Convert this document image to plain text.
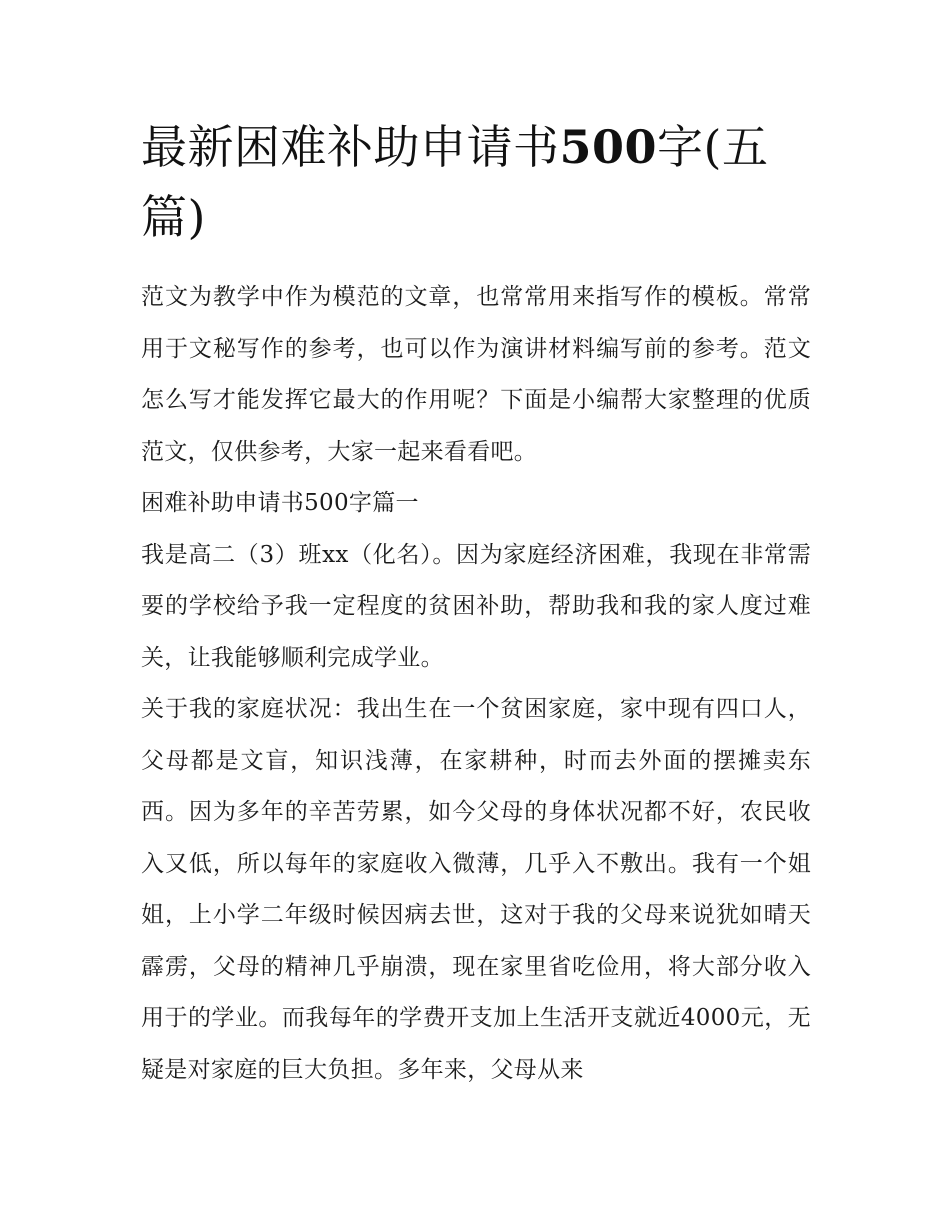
最新困难补助申请书500字(五篇)

范文为教学中作为模范的文章，也常常用来指写作的模板。常常用于文秘写作的参考，也可以作为演讲材料编写前的参考。范文怎么写才能发挥它最大的作用呢？下面是小编帮大家整理的优质范文，仅供参考，大家一起来看看吧。

困难补助申请书500字篇一

我是高二（3）班xx（化名）。因为家庭经济困难，我现在非常需要的学校给予我一定程度的贫困补助，帮助我和我的家人度过难关，让我能够顺利完成学业。

关于我的家庭状况：我出生在一个贫困家庭，家中现有四口人，父母都是文盲，知识浅薄，在家耕种，时而去外面的摆摊卖东西。因为多年的辛苦劳累，如今父母的身体状况都不好，农民收入又低，所以每年的家庭收入微薄，几乎入不敷出。我有一个姐姐，上小学二年级时候因病去世，这对于我的父母来说犹如晴天霹雳，父母的精神几乎崩溃，现在家里省吃俭用，将大部分收入用于的学业。而我每年的学费开支加上生活开支就近4000元，无疑是对家庭的巨大负担。多年来，父母从来
